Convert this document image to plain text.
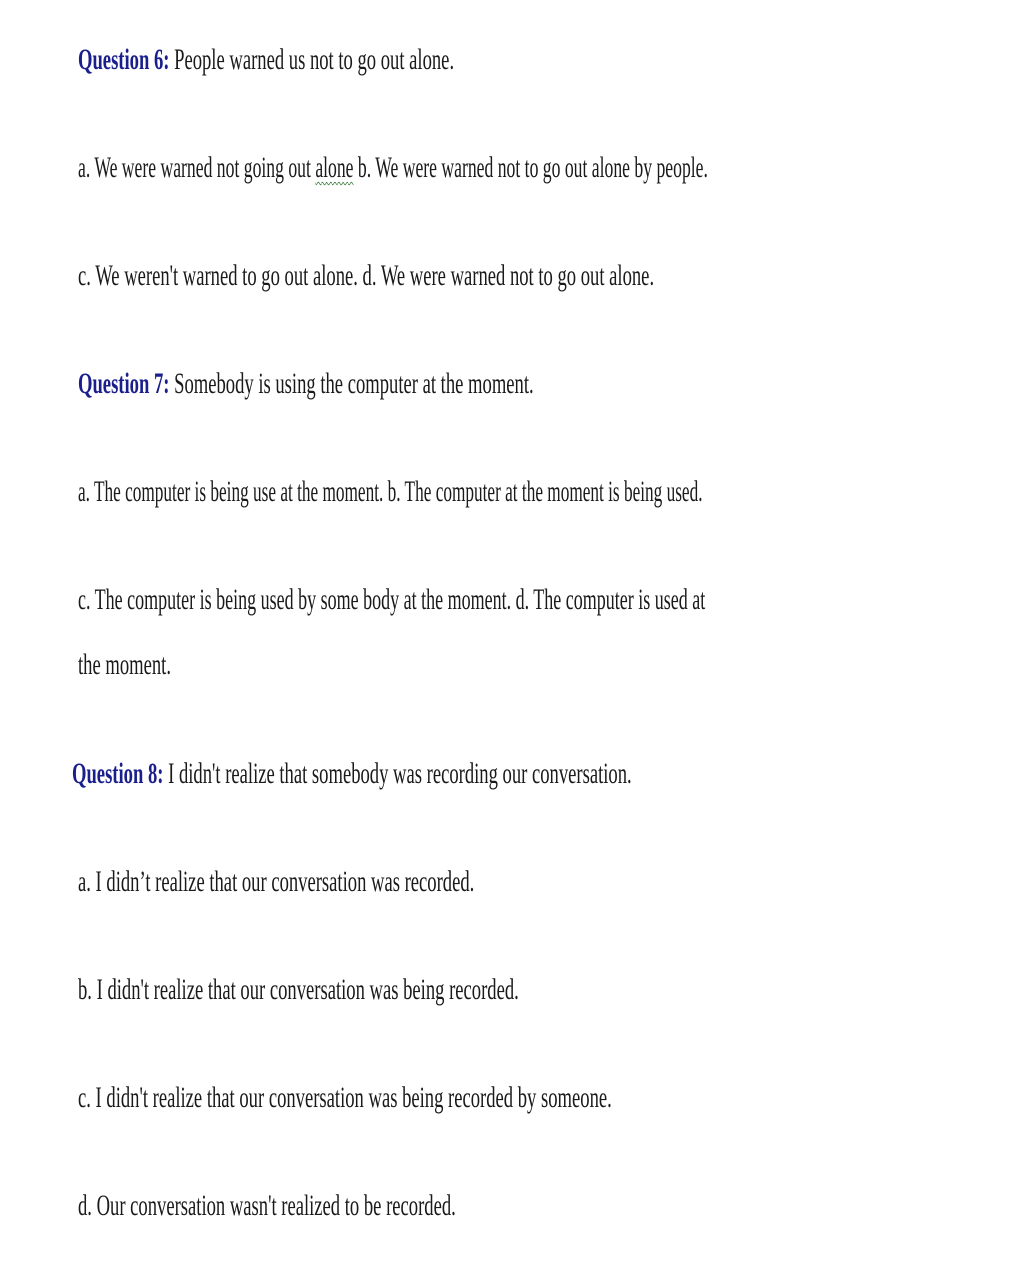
Question 6: People warned us not to go out alone.
a. We were warned not going out alone b. We were warned not to go out alone by people.
c. We weren't warned to go out alone. d. We were warned not to go out alone.
Question 7: Somebody is using the computer at the moment.
a. The computer is being use at the moment. b. The computer at the moment is being used.
c. The computer is being used by some body at the moment. d. The computer is used at
the moment.
Question 8: I didn't realize that somebody was recording our conversation.
a. I didn’t realize that our conversation was recorded.
b. I didn't realize that our conversation was being recorded.
c. I didn't realize that our conversation was being recorded by someone.
d. Our conversation wasn't realized to be recorded.
